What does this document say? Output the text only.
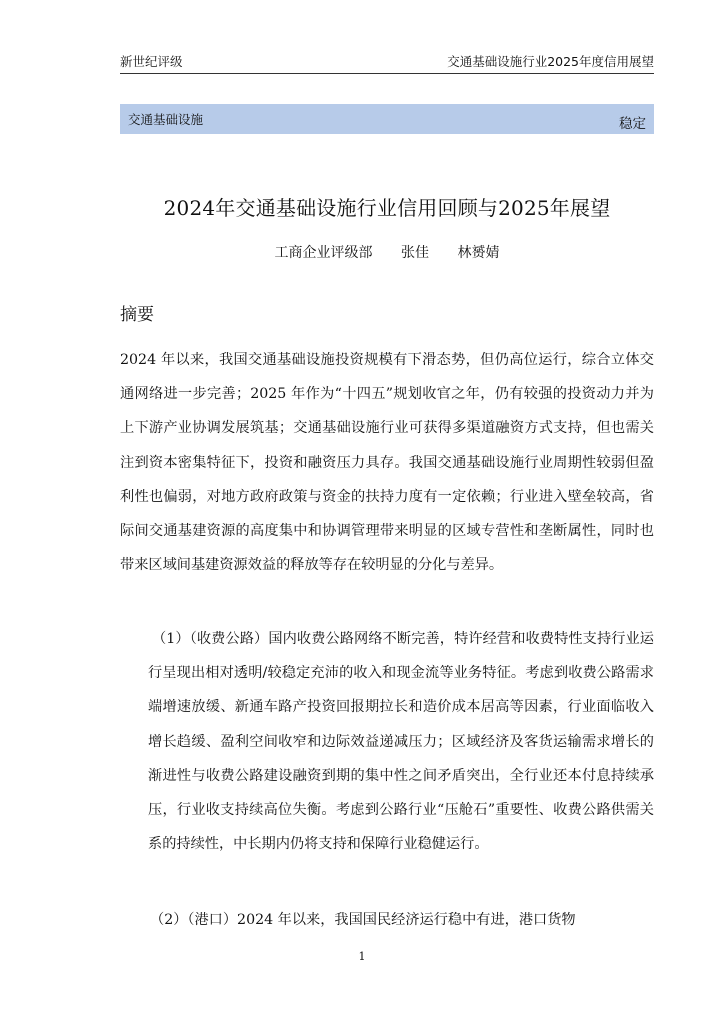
新世纪评级	交通基础设施行业2025年度信用展望
交通基础设施	稳定
2024年交通基础设施行业信用回顾与2025年展望
工商企业评级部 张佳 林赟婧
摘要

2024 年以来，我国交通基础设施投资规模有下滑态势，但仍高位运行，综合立体交通网络进一步完善；2025 年作为“十四五”规划收官之年，仍有较强的投资动力并为上下游产业协调发展筑基；交通基础设施行业可获得多渠道融资方式支持，但也需关注到资本密集特征下，投资和融资压力具存。我国交通基础设施行业周期性较弱但盈利性也偏弱，对地方政府政策与资金的扶持力度有一定依赖；行业进入壁垒较高，省际间交通基建资源的高度集中和协调管理带来明显的区域专营性和垄断属性，同时也带来区域间基建资源效益的释放等存在较明显的分化与差异。

（1）（收费公路）国内收费公路网络不断完善，特许经营和收费特性支持行业运行呈现出相对透明/较稳定充沛的收入和现金流等业务特征。考虑到收费公路需求端增速放缓、新通车路产投资回报期拉长和造价成本居高等因素，行业面临收入增长趋缓、盈利空间收窄和边际效益递减压力；区域经济及客货运输需求增长的渐进性与收费公路建设融资到期的集中性之间矛盾突出，全行业还本付息持续承压，行业收支持续高位失衡。考虑到公路行业“压舱石”重要性、收费公路供需关系的持续性，中长期内仍将支持和保障行业稳健运行。

（2）（港口）2024 年以来，我国国民经济运行稳中有进，港口货物

1
